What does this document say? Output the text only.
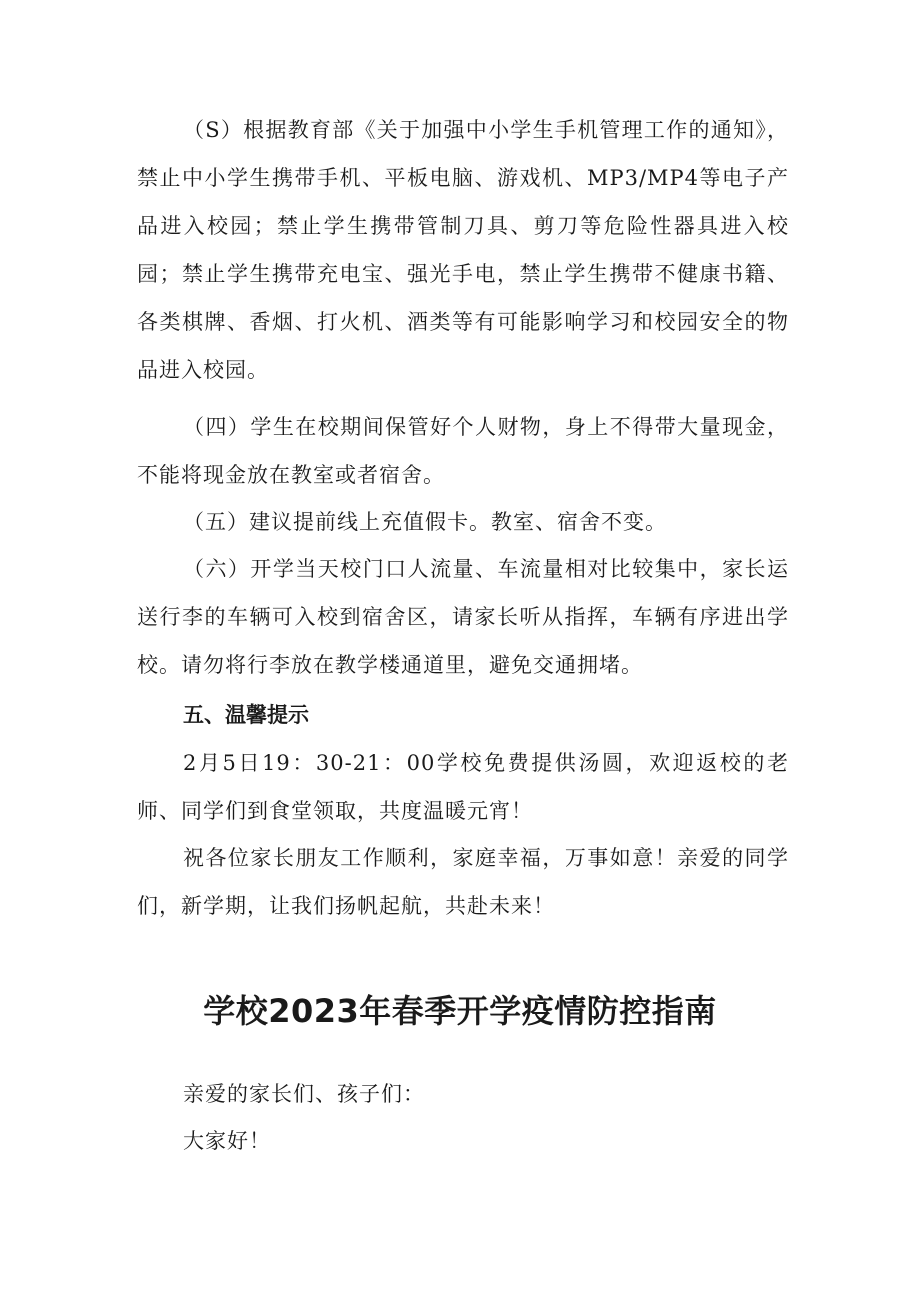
（S）根据教育部《关于加强中小学生手机管理工作的通知》，禁止中小学生携带手机、平板电脑、游戏机、MP3/MP4等电子产品进入校园；禁止学生携带管制刀具、剪刀等危险性器具进入校园；禁止学生携带充电宝、强光手电，禁止学生携带不健康书籍、各类棋牌、香烟、打火机、酒类等有可能影响学习和校园安全的物品进入校园。

（四）学生在校期间保管好个人财物，身上不得带大量现金，不能将现金放在教室或者宿舍。

（五）建议提前线上充值假卡。教室、宿舍不变。

（六）开学当天校门口人流量、车流量相对比较集中，家长运送行李的车辆可入校到宿舍区，请家长听从指挥，车辆有序进出学校。请勿将行李放在教学楼通道里，避免交通拥堵。

五、温馨提示

2月5日19：30-21：00学校免费提供汤圆，欢迎返校的老师、同学们到食堂领取，共度温暖元宵！

祝各位家长朋友工作顺利，家庭幸福，万事如意！亲爱的同学们，新学期，让我们扬帆起航，共赴未来！

学校2023年春季开学疫情防控指南

亲爱的家长们、孩子们：

大家好！
